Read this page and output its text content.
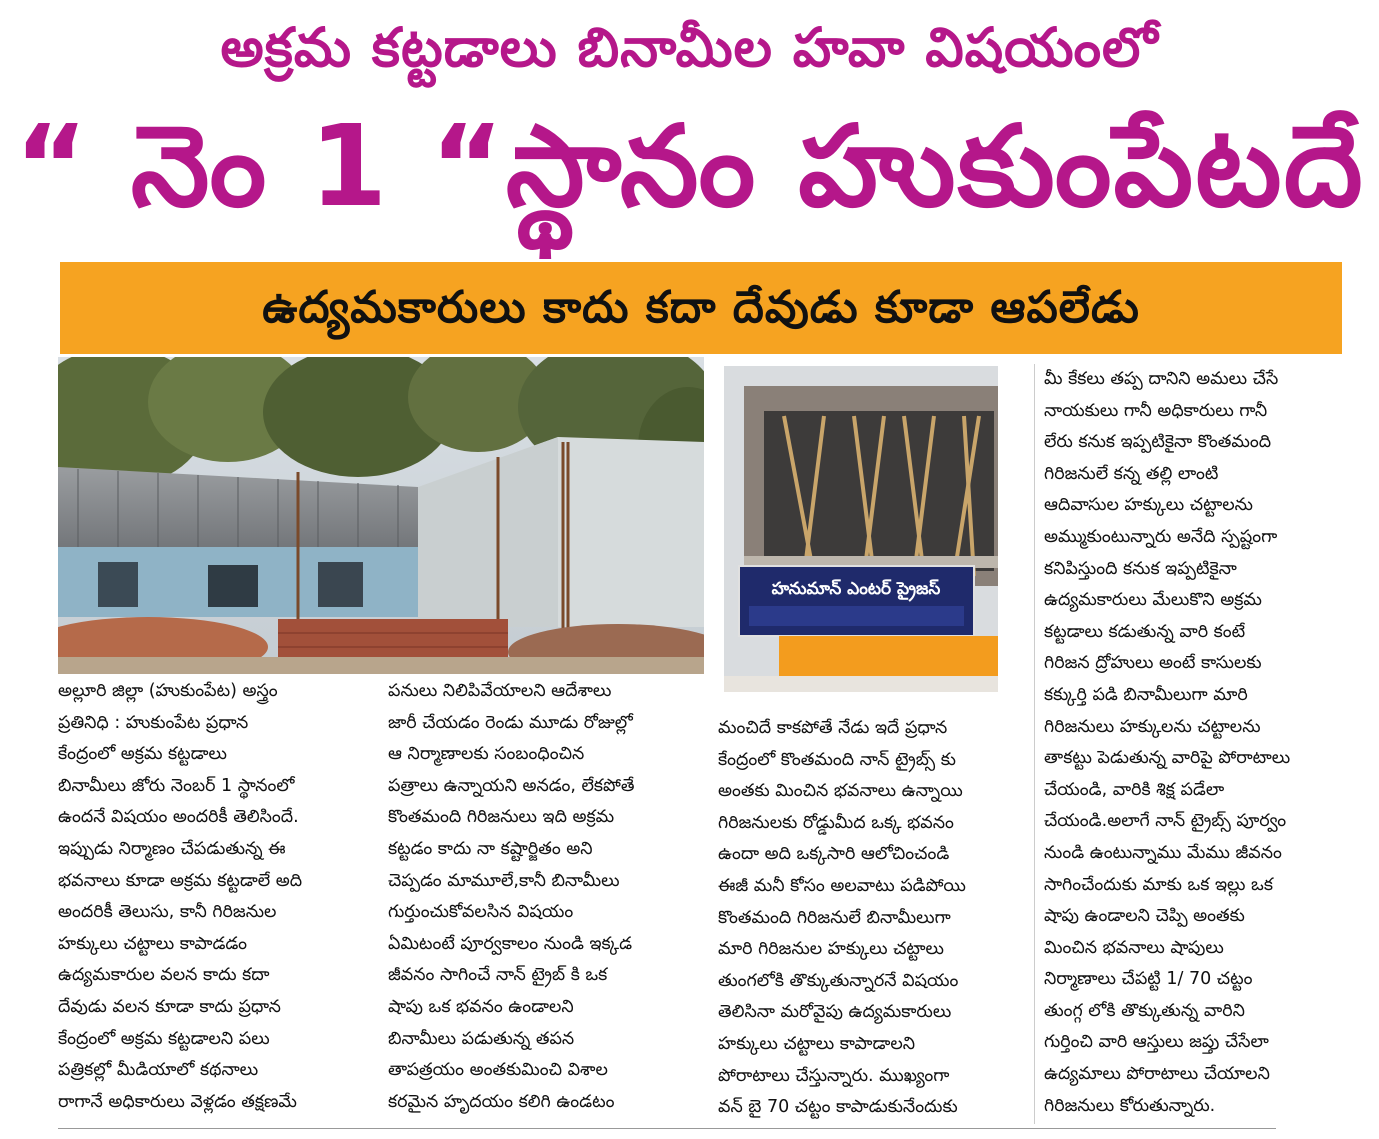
అక్రమ కట్టడాలు బినామీల హవా విషయంలో
“ నెం 1 “స్థానం హుకుంపేటదే
ఉద్యమకారులు కాదు కదా దేవుడు కూడా ఆపలేడు
హనుమాన్ ఎంటర్ ప్రైజస్
అల్లూరి జిల్లా (హుకుంపేట) అస్త్రం
ప్రతినిధి : హుకుంపేట ప్రధాన
కేంద్రంలో అక్రమ కట్టడాలు
బినామీలు జోరు నెంబర్ 1 స్థానంలో
ఉందనే విషయం అందరికీ తెలిసిందే.
ఇప్పుడు నిర్మాణం చేపడుతున్న ఈ
భవనాలు కూడా అక్రమ కట్టడాలే అది
అందరికీ తెలుసు, కానీ గిరిజనుల
హక్కులు చట్టాలు కాపాడడం
ఉద్యమకారుల వలన కాదు కదా
దేవుడు వలన కూడా కాదు ప్రధాన
కేంద్రంలో అక్రమ కట్టడాలని పలు
పత్రికల్లో మీడియాలో కథనాలు
రాగానే అధికారులు వెళ్లడం తక్షణమే
పనులు నిలిపివేయాలని ఆదేశాలు
జారీ చేయడం రెండు మూడు రోజుల్లో
ఆ నిర్మాణాలకు సంబంధించిన
పత్రాలు ఉన్నాయని అనడం, లేకపోతే
కొంతమంది గిరిజనులు ఇది అక్రమ
కట్టడం కాదు నా కష్టార్జితం అని
చెప్పడం మామూలే,కానీ బినామీలు
గుర్తుంచుకోవలసిన విషయం
ఏమిటంటే పూర్వకాలం నుండి ఇక్కడ
జీవనం సాగించే నాన్ ట్రైబ్ కి ఒక
షాపు ఒక భవనం ఉండాలని
బినామీలు పడుతున్న తపన
తాపత్రయం అంతకుమించి విశాల
కరమైన హృదయం కలిగి ఉండటం
మంచిదే కాకపోతే నేడు ఇదే ప్రధాన
కేంద్రంలో కొంతమంది నాన్ ట్రైబ్స్ కు
అంతకు మించిన భవనాలు ఉన్నాయి
గిరిజనులకు రోడ్డుమీద ఒక్క భవనం
ఉందా అది ఒక్కసారి ఆలోచించండి
ఈజీ మనీ కోసం అలవాటు పడిపోయి
కొంతమంది గిరిజనులే బినామీలుగా
మారి గిరిజనుల హక్కులు చట్టాలు
తుంగలోకి తొక్కుతున్నారనే విషయం
తెలిసినా మరోవైపు ఉద్యమకారులు
హక్కులు చట్టాలు కాపాడాలని
పోరాటాలు చేస్తున్నారు. ముఖ్యంగా
వన్ బై 70 చట్టం కాపాడుకునేందుకు
మీ కేకలు తప్ప దానిని అమలు చేసే
నాయకులు గానీ అధికారులు గానీ
లేరు కనుక ఇప్పటికైనా కొంతమంది
గిరిజనులే కన్న తల్లి లాంటి
ఆదివాసుల హక్కులు చట్టాలను
అమ్ముకుంటున్నారు అనేది స్పష్టంగా
కనిపిస్తుంది కనుక ఇప్పటికైనా
ఉద్యమకారులు మేలుకొని అక్రమ
కట్టడాలు కడుతున్న వారి కంటే
గిరిజన ద్రోహులు అంటే కాసులకు
కక్కుర్తి పడి బినామీలుగా మారి
గిరిజనులు హక్కులను చట్టాలను
తాకట్టు పెడుతున్న వారిపై పోరాటాలు
చేయండి, వారికి శిక్ష పడేలా
చేయండి.అలాగే నాన్ ట్రైబ్స్ పూర్వం
నుండి ఉంటున్నాము మేము జీవనం
సాగించేందుకు మాకు ఒక ఇల్లు ఒక
షాపు ఉండాలని చెప్పి అంతకు
మించిన భవనాలు షాపులు
నిర్మాణాలు చేపట్టి 1/ 70 చట్టం
తుంగ్గ లోకి తొక్కుతున్న వారిని
గుర్తించి వారి ఆస్తులు జప్తు చేసేలా
ఉద్యమాలు పోరాటాలు చేయాలని
గిరిజనులు కోరుతున్నారు.
